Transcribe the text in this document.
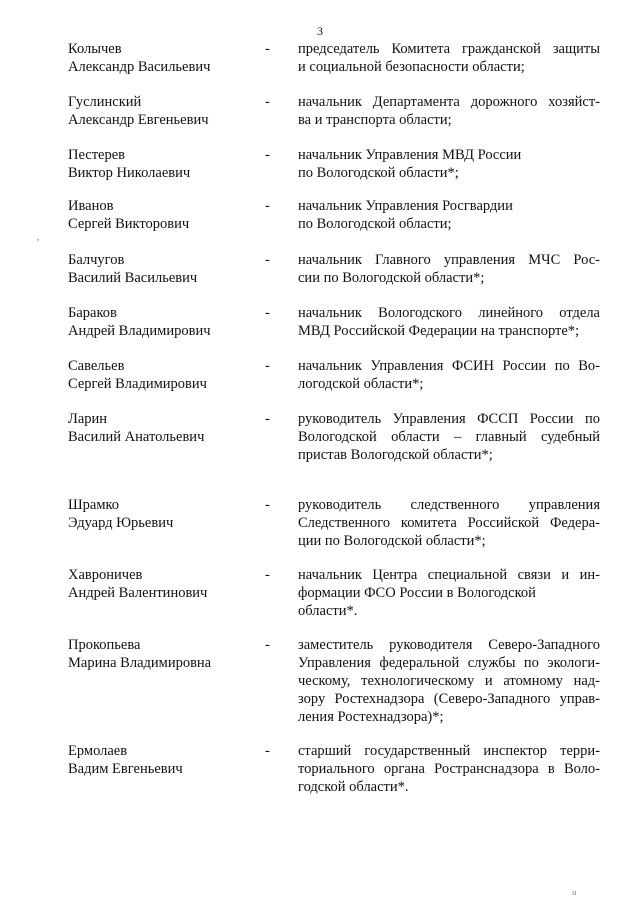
3
,
Колычев
Александр Васильевич
- председатель Комитета гражданской защиты
и социальной безопасности области;
Гуслинский
Александр Евгеньевич
- начальник Департамента дорожного хозяйст-
ва и транспорта области;
Пестерев
Виктор Николаевич
- начальник Управления МВД России
по Вологодской области*;
Иванов
Сергей Викторович
- начальник Управления Росгвардии
по Вологодской области;
Балчугов
Василий Васильевич
- начальник Главного управления МЧС Рос-
сии по Вологодской области*;
Бараков
Андрей Владимирович
- начальник Вологодского линейного отдела
МВД Российской Федерации на транспорте*;
Савельев
Сергей Владимирович
- начальник Управления ФСИН России по Во-
логодской области*;
Ларин
Василий Анатольевич
- руководитель Управления ФССП России по
Вологодской области – главный судебный
пристав Вологодской области*;
Шрамко
Эдуард Юрьевич
- руководитель следственного управления
Следственного комитета Российской Федера-
ции по Вологодской области*;
Хавроничев
Андрей Валентинович
- начальник Центра специальной связи и ин-
формации ФСО России в Вологодской
области*.
Прокопьева
Марина Владимировна
- заместитель руководителя Северо-Западного
Управления федеральной службы по экологи-
ческому, технологическому и атомному над-
зору Ростехнадзора (Северо-Западного управ-
ления Ростехнадзора)*;
Ермолаев
Вадим Евгеньевич
- старший государственный инспектор терри-
ториального органа Ространснадзора в Воло-
годской области*.
ıı
